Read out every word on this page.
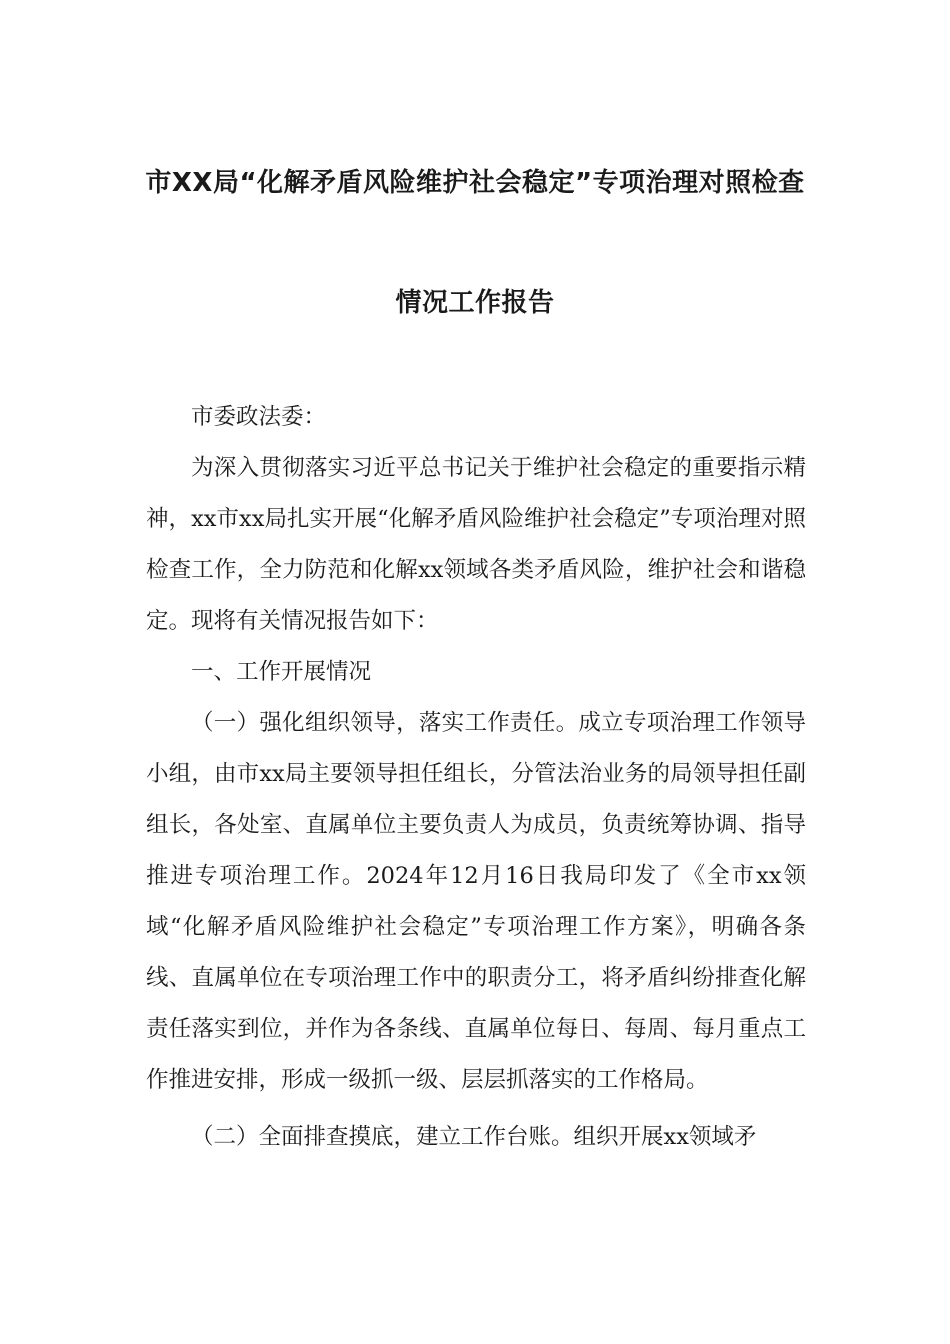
市XX局“化解矛盾风险维护社会稳定”专项治理对照检查
情况工作报告

市委政法委：

为深入贯彻落实习近平总书记关于维护社会稳定的重要指示精神，xx市xx局扎实开展“化解矛盾风险维护社会稳定”专项治理对照检查工作，全力防范和化解xx领域各类矛盾风险，维护社会和谐稳定。现将有关情况报告如下：

一、工作开展情况

（一）强化组织领导，落实工作责任。成立专项治理工作领导小组，由市xx局主要领导担任组长，分管法治业务的局领导担任副组长，各处室、直属单位主要负责人为成员，负责统筹协调、指导推进专项治理工作。2024年12月16日我局印发了《全市xx领域“化解矛盾风险维护社会稳定”专项治理工作方案》，明确各条线、直属单位在专项治理工作中的职责分工，将矛盾纠纷排查化解责任落实到位，并作为各条线、直属单位每日、每周、每月重点工作推进安排，形成一级抓一级、层层抓落实的工作格局。

（二）全面排查摸底，建立工作台账。组织开展xx领域矛
